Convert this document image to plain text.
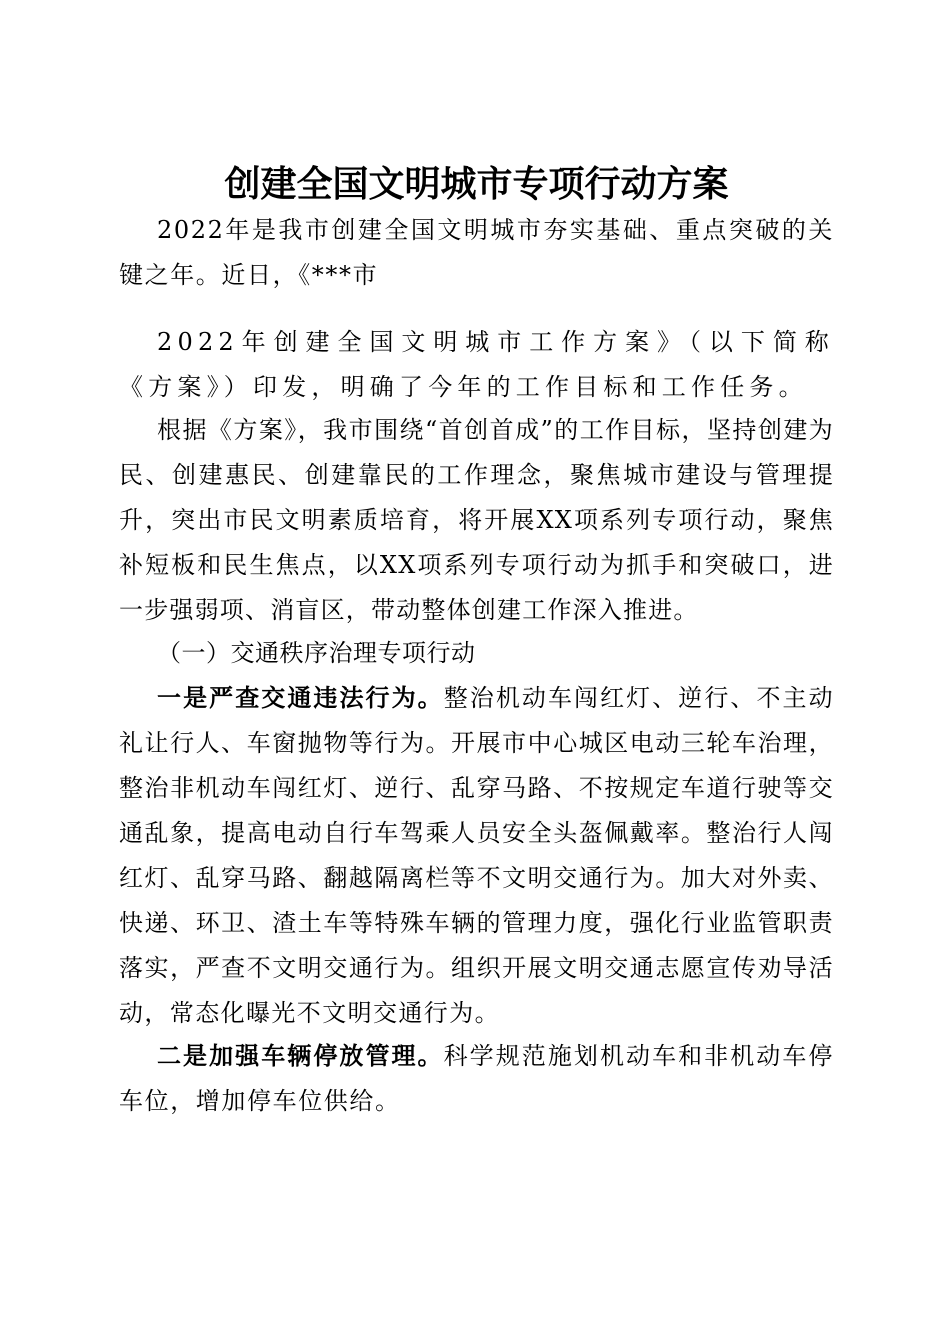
创建全国文明城市专项行动方案

2022年是我市创建全国文明城市夯实基础、重点突破的关键之年。近日，《***市

2022年创建全国文明城市工作方案》（以下简称《方案》）印发，明确了今年的工作目标和工作任务。

根据《方案》，我市围绕“首创首成”的工作目标，坚持创建为民、创建惠民、创建靠民的工作理念，聚焦城市建设与管理提升，突出市民文明素质培育，将开展XX项系列专项行动，聚焦补短板和民生焦点，以XX项系列专项行动为抓手和突破口，进一步强弱项、消盲区，带动整体创建工作深入推进。

（一）交通秩序治理专项行动

一是严查交通违法行为。整治机动车闯红灯、逆行、不主动礼让行人、车窗抛物等行为。开展市中心城区电动三轮车治理，整治非机动车闯红灯、逆行、乱穿马路、不按规定车道行驶等交通乱象，提高电动自行车驾乘人员安全头盔佩戴率。整治行人闯红灯、乱穿马路、翻越隔离栏等不文明交通行为。加大对外卖、快递、环卫、渣土车等特殊车辆的管理力度，强化行业监管职责落实，严查不文明交通行为。组织开展文明交通志愿宣传劝导活动，常态化曝光不文明交通行为。

二是加强车辆停放管理。科学规范施划机动车和非机动车停车位，增加停车位供给。
